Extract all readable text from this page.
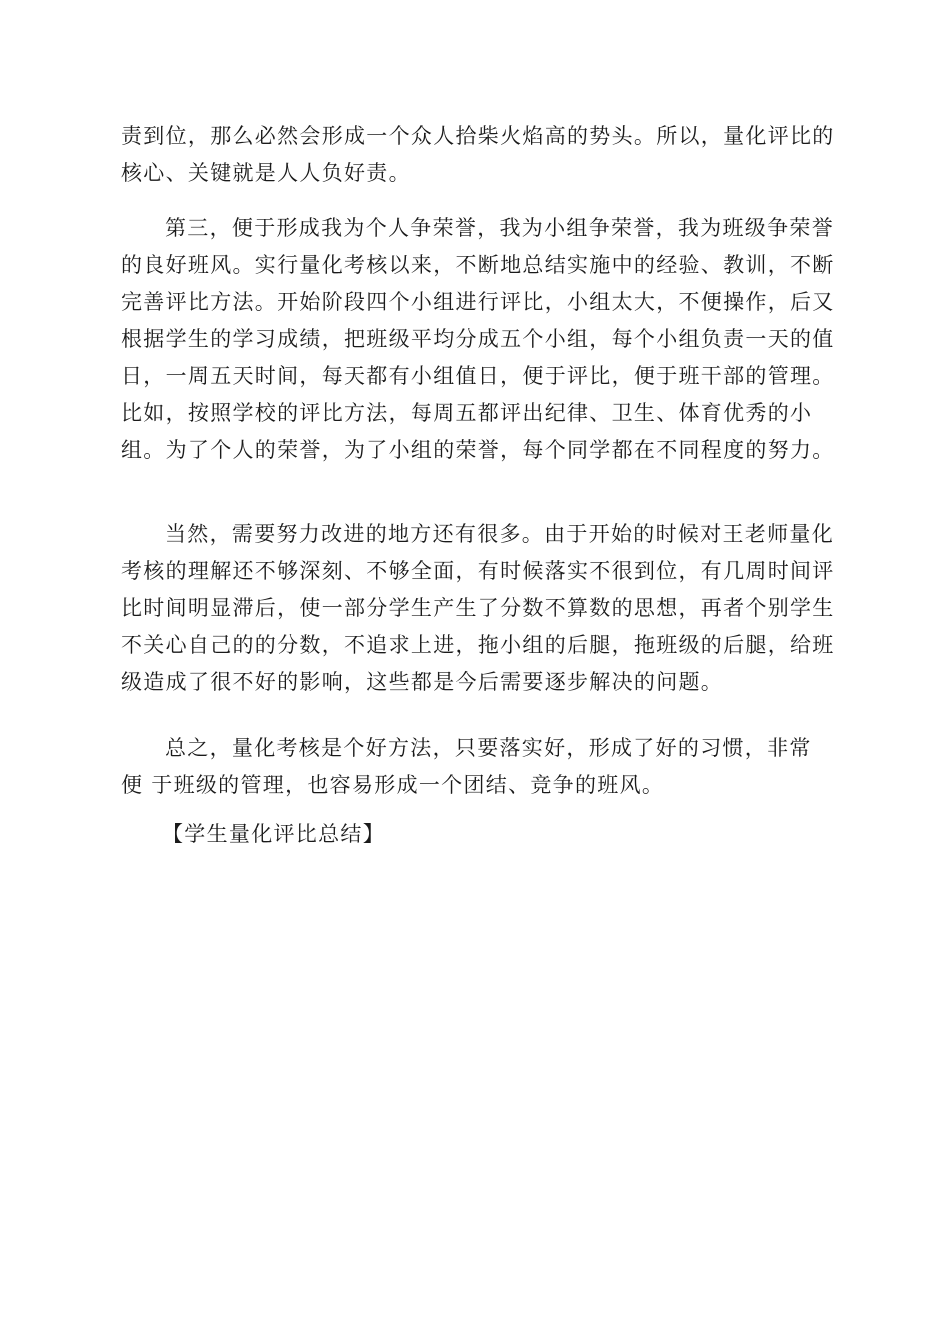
责到位，那么必然会形成一个众人拾柴火焰高的势头。所以，量化评比的
核心、关键就是人人负好责。
第三，便于形成我为个人争荣誉，我为小组争荣誉，我为班级争荣誉
的良好班风。实行量化考核以来，不断地总结实施中的经验、教训，不断
完善评比方法。开始阶段四个小组进行评比，小组太大，不便操作，后又
根据学生的学习成绩，把班级平均分成五个小组，每个小组负责一天的值
日，一周五天时间，每天都有小组值日，便于评比，便于班干部的管理。
比如，按照学校的评比方法，每周五都评出纪律、卫生、体育优秀的小
组。为了个人的荣誉，为了小组的荣誉，每个同学都在不同程度的努力。
当然，需要努力改进的地方还有很多。由于开始的时候对王老师量化
考核的理解还不够深刻、不够全面，有时候落实不很到位，有几周时间评
比时间明显滞后，使一部分学生产生了分数不算数的思想，再者个别学生
不关心自己的的分数，不追求上进，拖小组的后腿，拖班级的后腿，给班
级造成了很不好的影响，这些都是今后需要逐步解决的问题。
总之，量化考核是个好方法，只要落实好，形成了好的习惯，非常
便 于班级的管理，也容易形成一个团结、竞争的班风。
【学生量化评比总结】
